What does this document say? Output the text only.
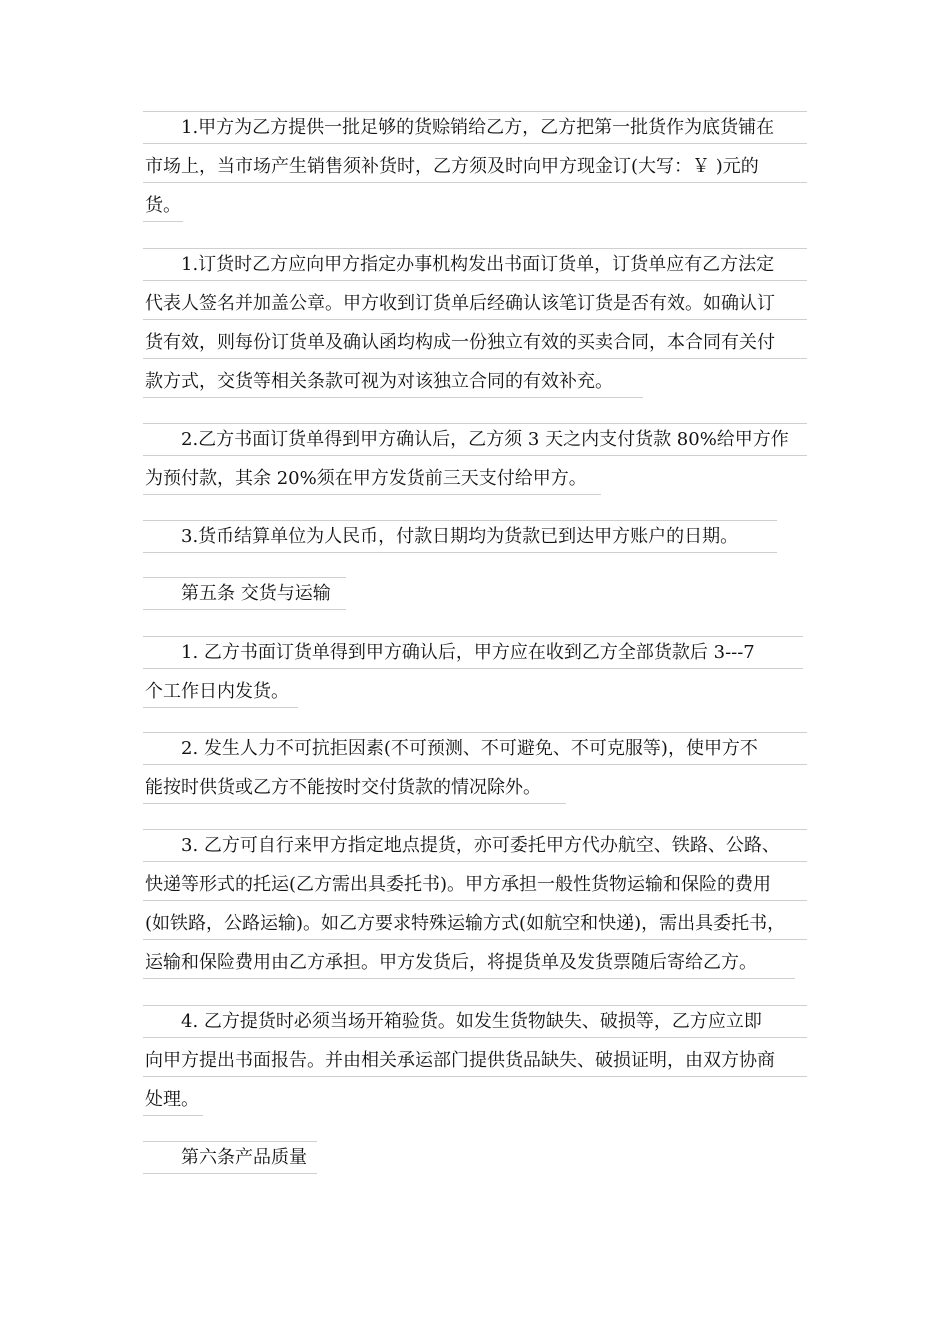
1.甲方为乙方提供一批足够的货赊销给乙方，乙方把第一批货作为底货铺在
市场上，当市场产生销售须补货时，乙方须及时向甲方现金订(大写：￥ )元的
货。
1.订货时乙方应向甲方指定办事机构发出书面订货单，订货单应有乙方法定
代表人签名并加盖公章。甲方收到订货单后经确认该笔订货是否有效。如确认订
货有效，则每份订货单及确认函均构成一份独立有效的买卖合同，本合同有关付
款方式，交货等相关条款可视为对该独立合同的有效补充。
2.乙方书面订货单得到甲方确认后，乙方须 3 天之内支付货款 80%给甲方作
为预付款，其余 20%须在甲方发货前三天支付给甲方。
3.货币结算单位为人民币，付款日期均为货款已到达甲方账户的日期。
第五条 交货与运输
1. 乙方书面订货单得到甲方确认后，甲方应在收到乙方全部货款后 3---7
个工作日内发货。
2. 发生人力不可抗拒因素(不可预测、不可避免、不可克服等)，使甲方不
能按时供货或乙方不能按时交付货款的情况除外。
3. 乙方可自行来甲方指定地点提货，亦可委托甲方代办航空、铁路、公路、
快递等形式的托运(乙方需出具委托书)。甲方承担一般性货物运输和保险的费用
(如铁路，公路运输)。如乙方要求特殊运输方式(如航空和快递)，需出具委托书，
运输和保险费用由乙方承担。甲方发货后，将提货单及发货票随后寄给乙方。
4. 乙方提货时必须当场开箱验货。如发生货物缺失、破损等，乙方应立即
向甲方提出书面报告。并由相关承运部门提供货品缺失、破损证明，由双方协商
处理。
第六条产品质量
